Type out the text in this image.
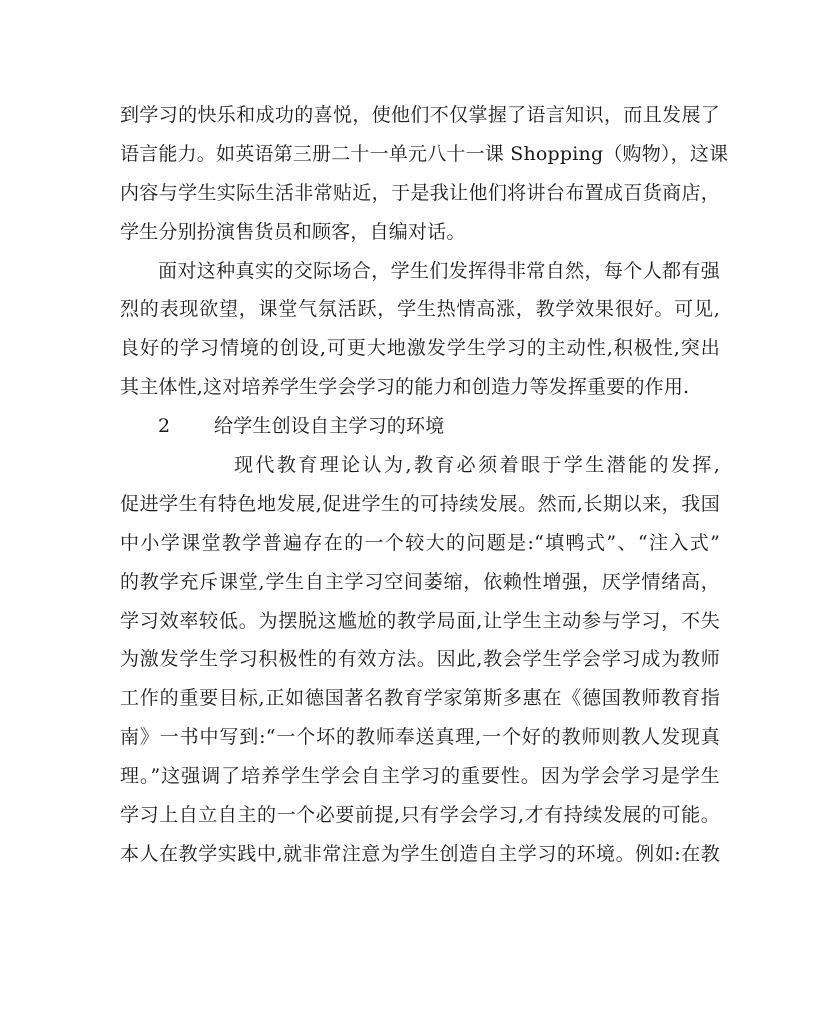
到学习的快乐和成功的喜悦，使他们不仅掌握了语言知识，而且发展了
语言能力。如英语第三册二十一单元八十一课 Shopping（购物），这课
内容与学生实际生活非常贴近，于是我让他们将讲台布置成百货商店，
学生分别扮演售货员和顾客，自编对话。
面对这种真实的交际场合，学生们发挥得非常自然，每个人都有强
烈的表现欲望，课堂气氛活跃，学生热情高涨，教学效果很好。可见,
良好的学习情境的创设,可更大地激发学生学习的主动性,积极性,突出
其主体性,这对培养学生学会学习的能力和创造力等发挥重要的作用.
2 给学生创设自主学习的环境
现代教育理论认为,教育必须着眼于学生潜能的发挥,
促进学生有特色地发展,促进学生的可持续发展。然而,长期以来，我国
中小学课堂教学普遍存在的一个较大的问题是:“填鸭式”、“注入式”
的教学充斥课堂,学生自主学习空间萎缩，依赖性增强，厌学情绪高，
学习效率较低。为摆脱这尴尬的教学局面,让学生主动参与学习，不失
为激发学生学习积极性的有效方法。因此,教会学生学会学习成为教师
工作的重要目标,正如德国著名教育学家第斯多惠在《德国教师教育指
南》一书中写到:“一个坏的教师奉送真理,一个好的教师则教人发现真
理。”这强调了培养学生学会自主学习的重要性。因为学会学习是学生
学习上自立自主的一个必要前提,只有学会学习,才有持续发展的可能。
本人在教学实践中,就非常注意为学生创造自主学习的环境。例如:在教
